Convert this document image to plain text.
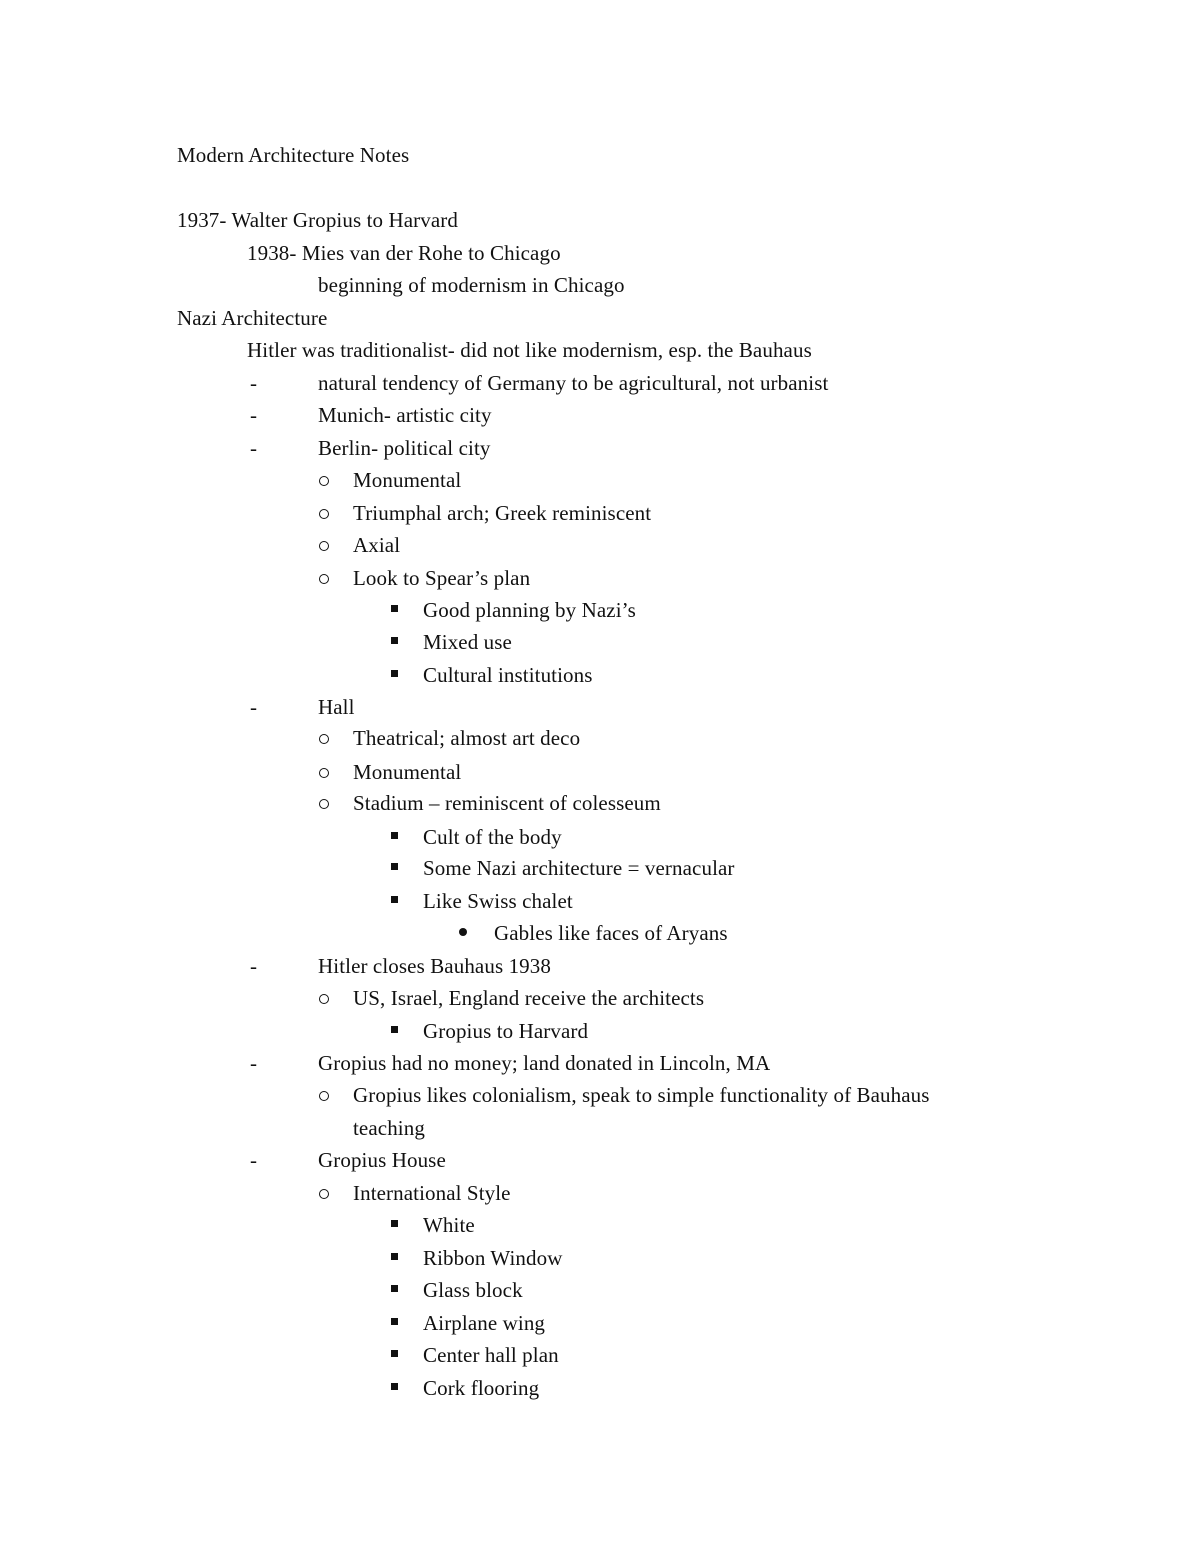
Modern Architecture Notes
1937- Walter Gropius to Harvard
1938- Mies van der Rohe to Chicago
beginning of modernism in Chicago
Nazi Architecture
Hitler was traditionalist- did not like modernism, esp. the Bauhaus
-	natural tendency of Germany to be agricultural, not urbanist
-	Munich- artistic city
-	Berlin- political city
Monumental
Triumphal arch; Greek reminiscent
Axial
Look to Spear’s plan
Good planning by Nazi’s
Mixed use
Cultural institutions
-	Hall
Theatrical; almost art deco
Monumental
Stadium – reminiscent of colesseum
Cult of the body
Some Nazi architecture = vernacular
Like Swiss chalet
Gables like faces of Aryans
-	Hitler closes Bauhaus 1938
US, Israel, England receive the architects
Gropius to Harvard
-	Gropius had no money; land donated in Lincoln, MA
Gropius likes colonialism, speak to simple functionality of Bauhaus
teaching
-	Gropius House
International Style
White
Ribbon Window
Glass block
Airplane wing
Center hall plan
Cork flooring
